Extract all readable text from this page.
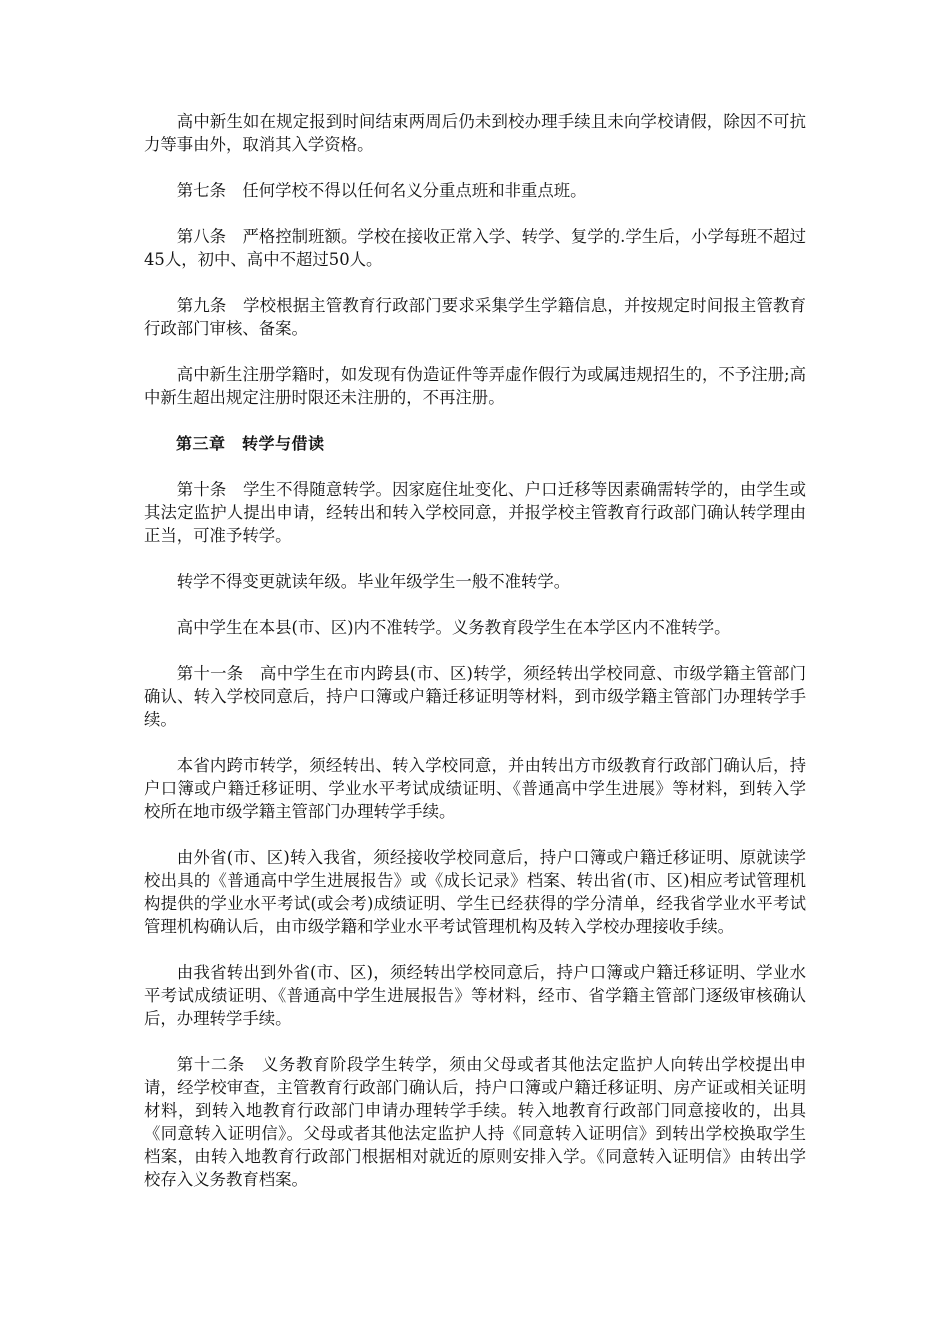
高中新生如在规定报到时间结束两周后仍未到校办理手续且未向学校请假，除因不可抗力等事由外，取消其入学资格。

第七条　任何学校不得以任何名义分重点班和非重点班。

第八条　严格控制班额。学校在接收正常入学、转学、复学的.学生后，小学每班不超过45人，初中、高中不超过50人。

第九条　学校根据主管教育行政部门要求采集学生学籍信息，并按规定时间报主管教育行政部门审核、备案。

高中新生注册学籍时，如发现有伪造证件等弄虚作假行为或属违规招生的，不予注册;高中新生超出规定注册时限还未注册的，不再注册。

第三章　转学与借读

第十条　学生不得随意转学。因家庭住址变化、户口迁移等因素确需转学的，由学生或其法定监护人提出申请，经转出和转入学校同意，并报学校主管教育行政部门确认转学理由正当，可准予转学。

转学不得变更就读年级。毕业年级学生一般不准转学。

高中学生在本县(市、区)内不准转学。义务教育段学生在本学区内不准转学。

第十一条　高中学生在市内跨县(市、区)转学，须经转出学校同意、市级学籍主管部门确认、转入学校同意后，持户口簿或户籍迁移证明等材料，到市级学籍主管部门办理转学手续。

本省内跨市转学，须经转出、转入学校同意，并由转出方市级教育行政部门确认后，持户口簿或户籍迁移证明、学业水平考试成绩证明、《普通高中学生进展》等材料，到转入学校所在地市级学籍主管部门办理转学手续。

由外省(市、区)转入我省，须经接收学校同意后，持户口簿或户籍迁移证明、原就读学校出具的《普通高中学生进展报告》或《成长记录》档案、转出省(市、区)相应考试管理机构提供的学业水平考试(或会考)成绩证明、学生已经获得的学分清单，经我省学业水平考试管理机构确认后，由市级学籍和学业水平考试管理机构及转入学校办理接收手续。

由我省转出到外省(市、区)，须经转出学校同意后，持户口簿或户籍迁移证明、学业水平考试成绩证明、《普通高中学生进展报告》等材料，经市、省学籍主管部门逐级审核确认后，办理转学手续。

第十二条　义务教育阶段学生转学，须由父母或者其他法定监护人向转出学校提出申请，经学校审查，主管教育行政部门确认后，持户口簿或户籍迁移证明、房产证或相关证明材料，到转入地教育行政部门申请办理转学手续。转入地教育行政部门同意接收的，出具《同意转入证明信》。父母或者其他法定监护人持《同意转入证明信》到转出学校换取学生档案，由转入地教育行政部门根据相对就近的原则安排入学。《同意转入证明信》由转出学校存入义务教育档案。
